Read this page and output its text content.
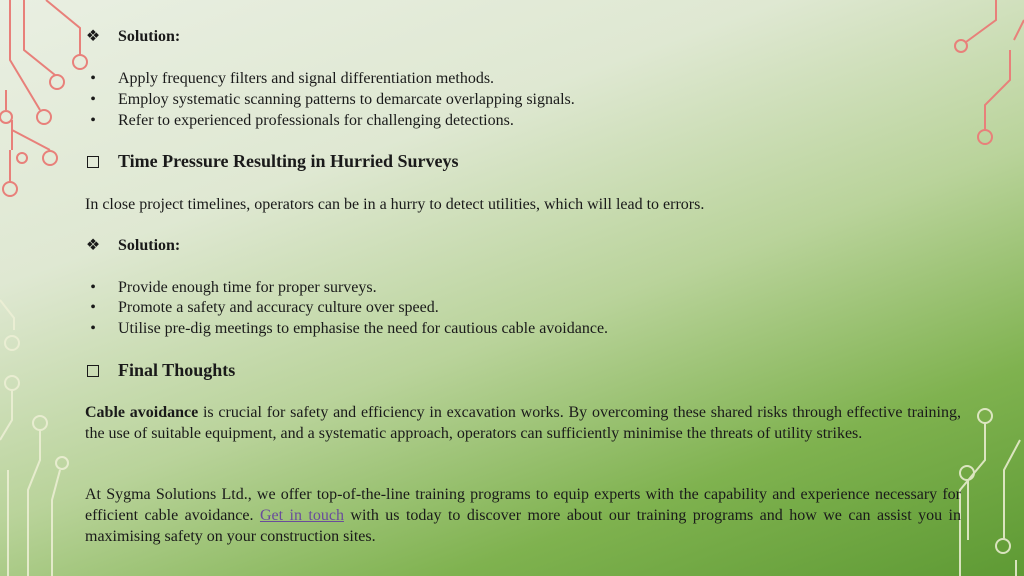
❖ Solution:
•	Apply frequency filters and signal differentiation methods.
•	Employ systematic scanning patterns to demarcate overlapping signals.
•	Refer to experienced professionals for challenging detections.
Time Pressure Resulting in Hurried Surveys
In close project timelines, operators can be in a hurry to detect utilities, which will lead to errors.
❖ Solution:
•	Provide enough time for proper surveys.
•	Promote a safety and accuracy culture over speed.
•	Utilise pre-dig meetings to emphasise the need for cautious cable avoidance.
Final Thoughts
Cable avoidance is crucial for safety and efficiency in excavation works. By overcoming these shared risks through effective training, the use of suitable equipment, and a systematic approach, operators can sufficiently minimise the threats of utility strikes.
At Sygma Solutions Ltd., we offer top-of-the-line training programs to equip experts with the capability and experience necessary for efficient cable avoidance. Get in touch with us today to discover more about our training programs and how we can assist you in maximising safety on your construction sites.
